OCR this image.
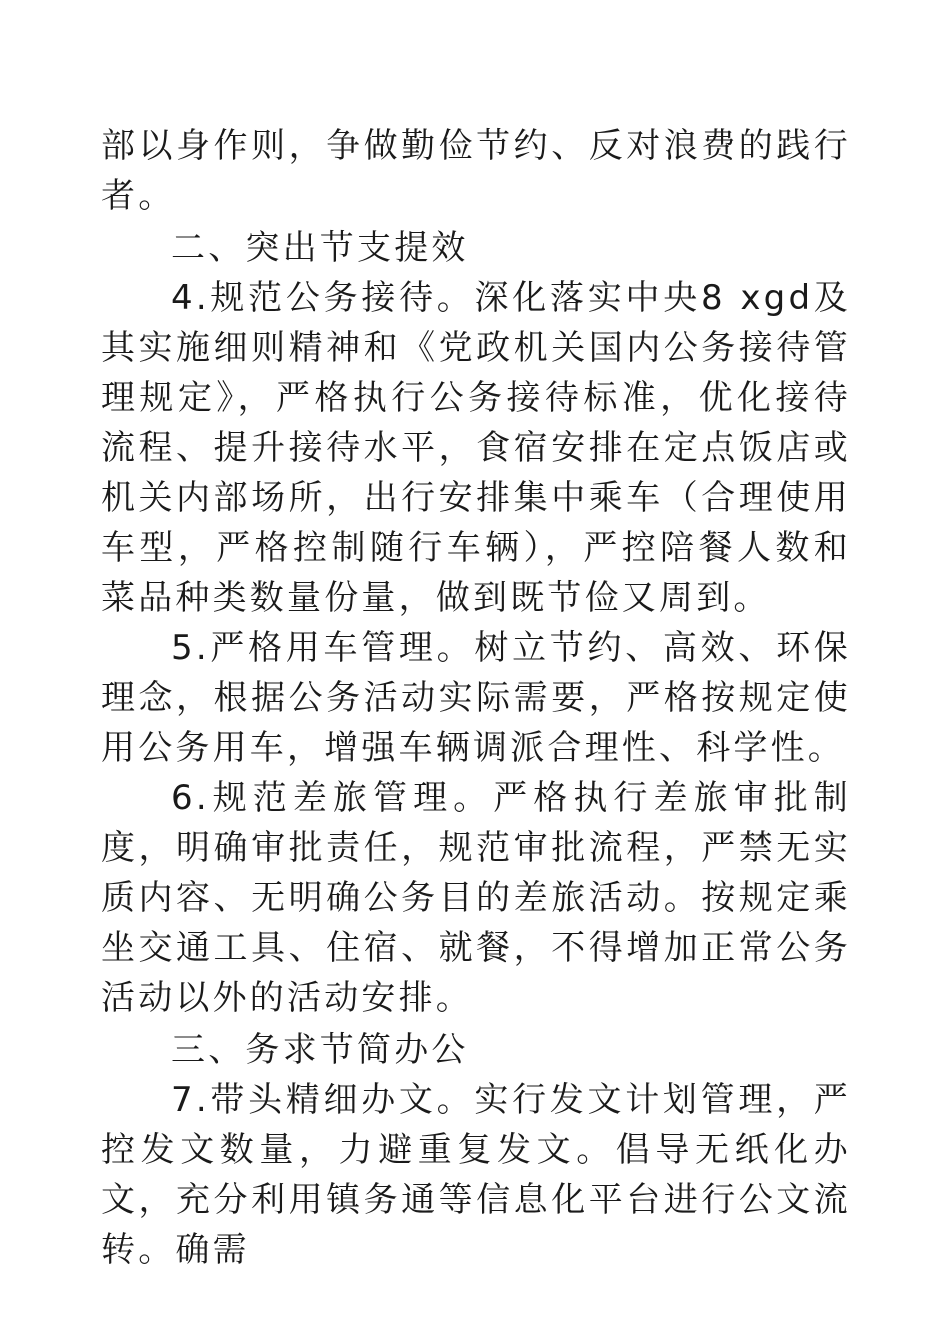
部以身作则，争做勤俭节约、反对浪费的践行者。

二、突出节支提效

4.规范公务接待。深化落实中央8 xgd及其实施细则精神和《党政机关国内公务接待管理规定》，严格执行公务接待标准，优化接待流程、提升接待水平，食宿安排在定点饭店或机关内部场所，出行安排集中乘车（合理使用车型，严格控制随行车辆），严控陪餐人数和菜品种类数量份量，做到既节俭又周到。

5.严格用车管理。树立节约、高效、环保理念，根据公务活动实际需要，严格按规定使用公务用车，增强车辆调派合理性、科学性。

6.规范差旅管理。严格执行差旅审批制度，明确审批责任，规范审批流程，严禁无实质内容、无明确公务目的差旅活动。按规定乘坐交通工具、住宿、就餐，不得增加正常公务活动以外的活动安排。

三、务求节简办公

7.带头精细办文。实行发文计划管理，严控发文数量，力避重复发文。倡导无纸化办文，充分利用镇务通等信息化平台进行公文流转。确需
